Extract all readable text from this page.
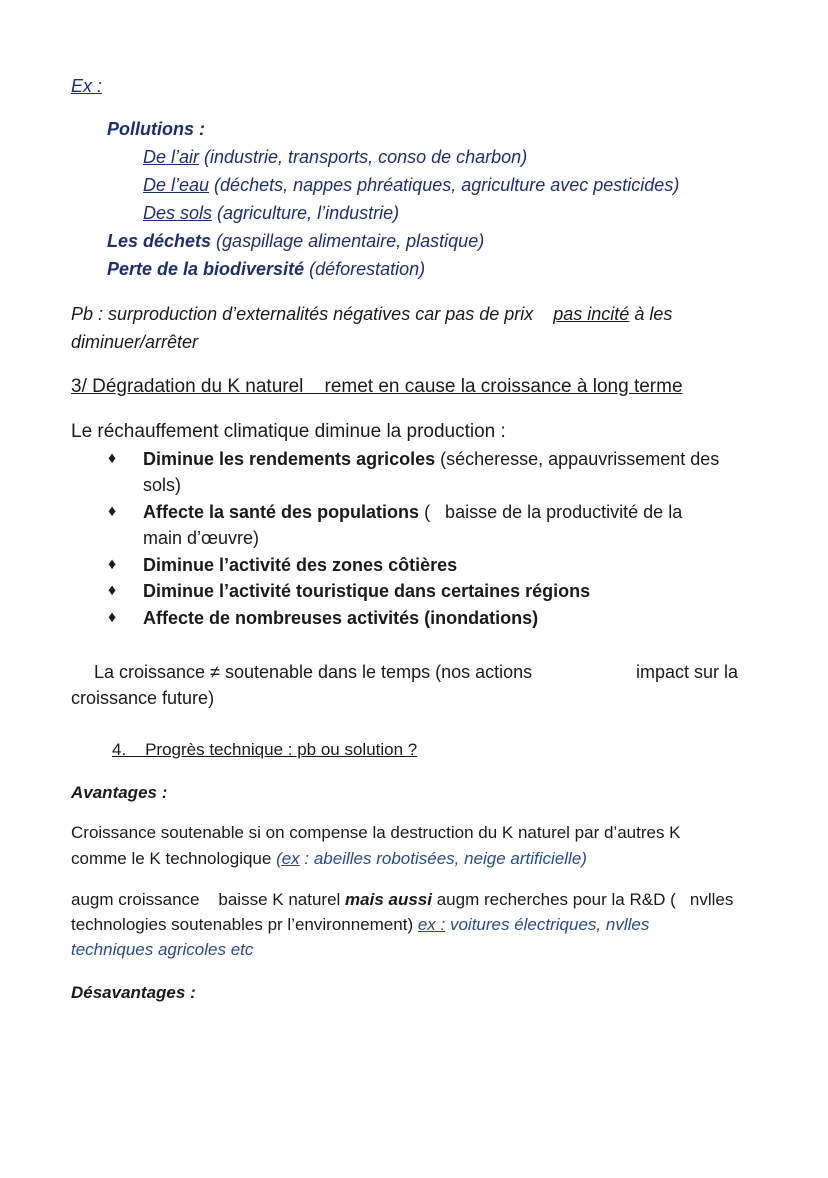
Ex :
Pollutions :
De l’air (industrie, transports, conso de charbon)
De l’eau (déchets, nappes phréatiques, agriculture avec pesticides)
Des sols (agriculture, l’industrie)
Les déchets (gaspillage alimentaire, plastique)
Perte de la biodiversité (déforestation)
Pb : surproduction d’externalités négatives car pas de prix pas incité à les
diminuer/arrêter
3/ Dégradation du K naturel    remet en cause la croissance à long terme
Le réchauffement climatique diminue la production :
♦ Diminue les rendements agricoles (sécheresse, appauvrissement des
sols)
♦ Affecte la santé des populations (   baisse de la productivité de la
main d’œuvre)
♦ Diminue l’activité des zones côtières
♦ Diminue l’activité touristique dans certaines régions
♦ Affecte de nombreuses activités (inondations)
La croissance ≠ soutenable dans le temps (nos actions	impact sur la
croissance future)
4.    Progrès technique : pb ou solution ?
Avantages :
Croissance soutenable si on compense la destruction du K naturel par d’autres K
comme le K technologique (ex : abeilles robotisées, neige artificielle)
augm croissance    baisse K naturel mais aussi augm recherches pour la R&D (   nvlles
technologies soutenables pr l’environnement) ex : voitures électriques, nvlles
techniques agricoles etc
Désavantages :
